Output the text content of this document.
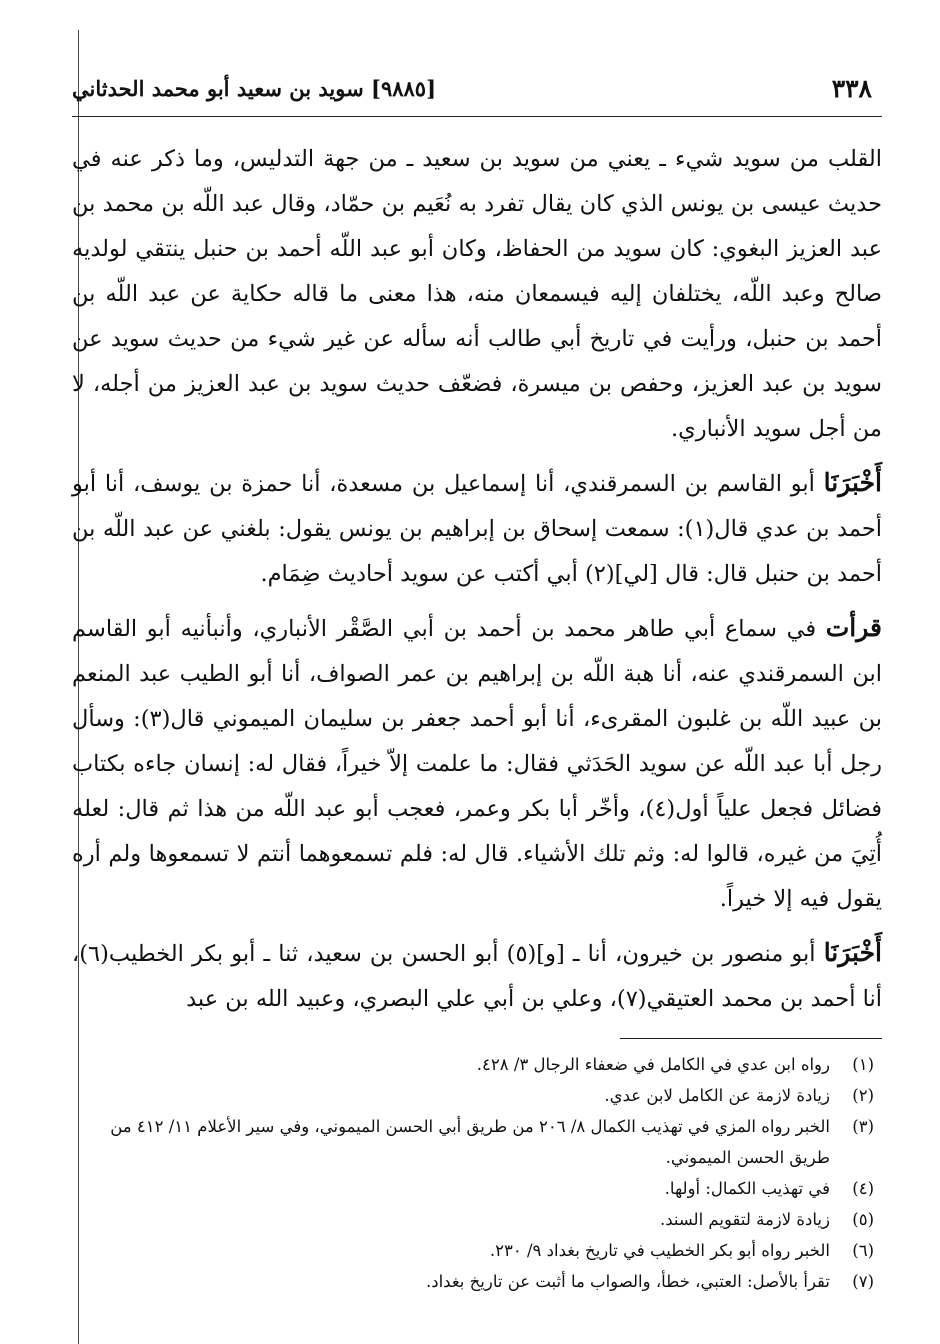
٣٣٨
[٩٨٨٥] سويد بن سعيد أبو محمد الحدثاني

القلب من سويد شيء ـ يعني من سويد بن سعيد ـ من جهة التدليس، وما ذكر عنه في حديث عيسى بن يونس الذي كان يقال تفرد به نُعَيم بن حمّاد، وقال عبد اللّه بن محمد بن عبد العزيز البغوي: كان سويد من الحفاظ، وكان أبو عبد اللّه أحمد بن حنبل ينتقي لولديه صالح وعبد اللّه، يختلفان إليه فيسمعان منه، هذا معنى ما قاله حكاية عن عبد اللّه بن أحمد بن حنبل، ورأيت في تاريخ أبي طالب أنه سأله عن غير شيء من حديث سويد عن سويد بن عبد العزيز، وحفص بن ميسرة، فضعّف حديث سويد بن عبد العزيز من أجله، لا من أجل سويد الأنباري.

أَخْبَرَنَا أبو القاسم بن السمرقندي، أنا إسماعيل بن مسعدة، أنا حمزة بن يوسف، أنا أبو أحمد بن عدي قال(١): سمعت إسحاق بن إبراهيم بن يونس يقول: بلغني عن عبد اللّه بن أحمد بن حنبل قال: قال [لي](٢) أبي أكتب عن سويد أحاديث ضِمَام.

قرأت في سماع أبي طاهر محمد بن أحمد بن أبي الصَّقْر الأنباري، وأنبأنيه أبو القاسم ابن السمرقندي عنه، أنا هبة اللّه بن إبراهيم بن عمر الصواف، أنا أبو الطيب عبد المنعم بن عبيد اللّه بن غلبون المقرىء، أنا أبو أحمد جعفر بن سليمان الميموني قال(٣): وسأل رجل أبا عبد اللّه عن سويد الحَدَثي فقال: ما علمت إلاّ خيراً، فقال له: إنسان جاءه بكتاب فضائل فجعل علياً أول(٤)، وأخّر أبا بكر وعمر، فعجب أبو عبد اللّه من هذا ثم قال: لعله أُتِيَ من غيره، قالوا له: وثم تلك الأشياء. قال له: فلم تسمعوهما أنتم لا تسمعوها ولم أره يقول فيه إلا خيراً.

أَخْبَرَنَا أبو منصور بن خيرون، أنا ـ [و](٥) أبو الحسن بن سعيد، ثنا ـ أبو بكر الخطيب(٦)، أنا أحمد بن محمد العتيقي(٧)، وعلي بن أبي علي البصري، وعبيد الله بن عبد

(١)
رواه ابن عدي في الكامل في ضعفاء الرجال ٣/ ٤٢٨.
(٢)
زيادة لازمة عن الكامل لابن عدي.
(٣)
الخبر رواه المزي في تهذيب الكمال ٨/ ٢٠٦ من طريق أبي الحسن الميموني، وفي سير الأعلام ١١/ ٤١٢ من طريق الحسن الميموني.
(٤)
في تهذيب الكمال: أولها.
(٥)
زيادة لازمة لتقويم السند.
(٦)
الخبر رواه أبو بكر الخطيب في تاريخ بغداد ٩/ ٢٣٠.
(٧)
تقرأ بالأصل: العتبي، خطأ، والصواب ما أثبت عن تاريخ بغداد.
